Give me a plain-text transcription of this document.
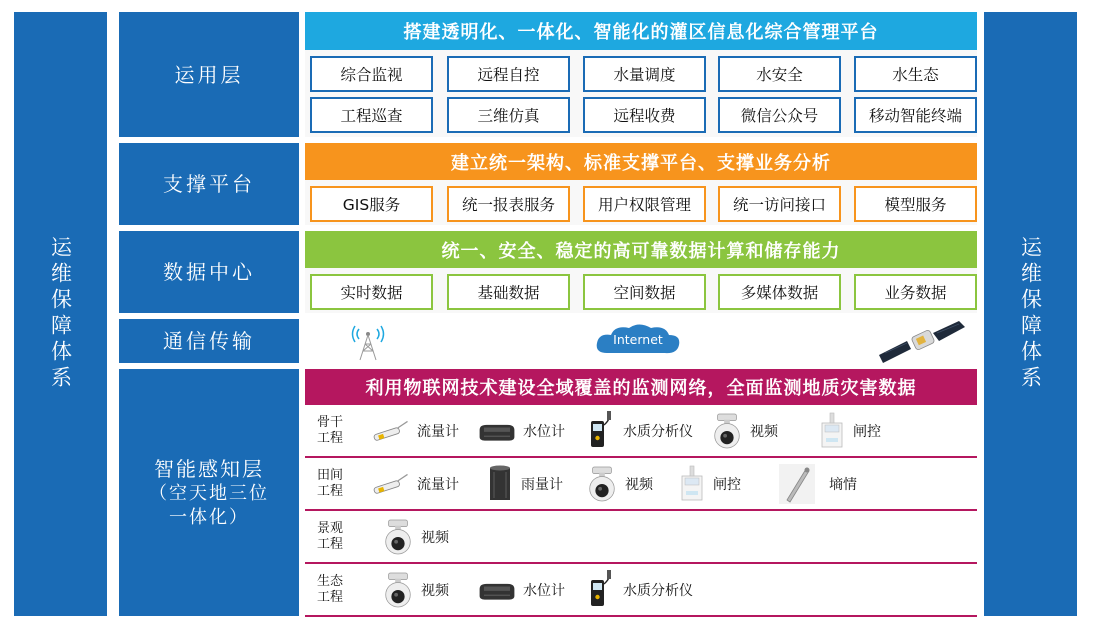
运维保障体系	运维保障体系
运用层
搭建透明化、一体化、智能化的灌区信息化综合管理平台
综合监视	远程自控	水量调度	水安全	水生态
工程巡查	三维仿真	远程收费	微信公众号	移动智能终端
支撑平台
建立统一架构、标准支撑平台、支撑业务分析
GIS服务	统一报表服务	用户权限管理	统一访问接口	模型服务
数据中心
统一、安全、稳定的高可靠数据计算和储存能力
实时数据	基础数据	空间数据	多媒体数据	业务数据
通信传输	Internet
智能感知层
（空天地三位一体化）
利用物联网技术建设全域覆盖的监测网络，全面监测地质灾害数据
骨干工程	流量计	水位计	水质分析仪	视频	闸控
田间工程	流量计	雨量计	视频	闸控	墒情
景观工程	视频
生态工程	视频	水位计	水质分析仪
